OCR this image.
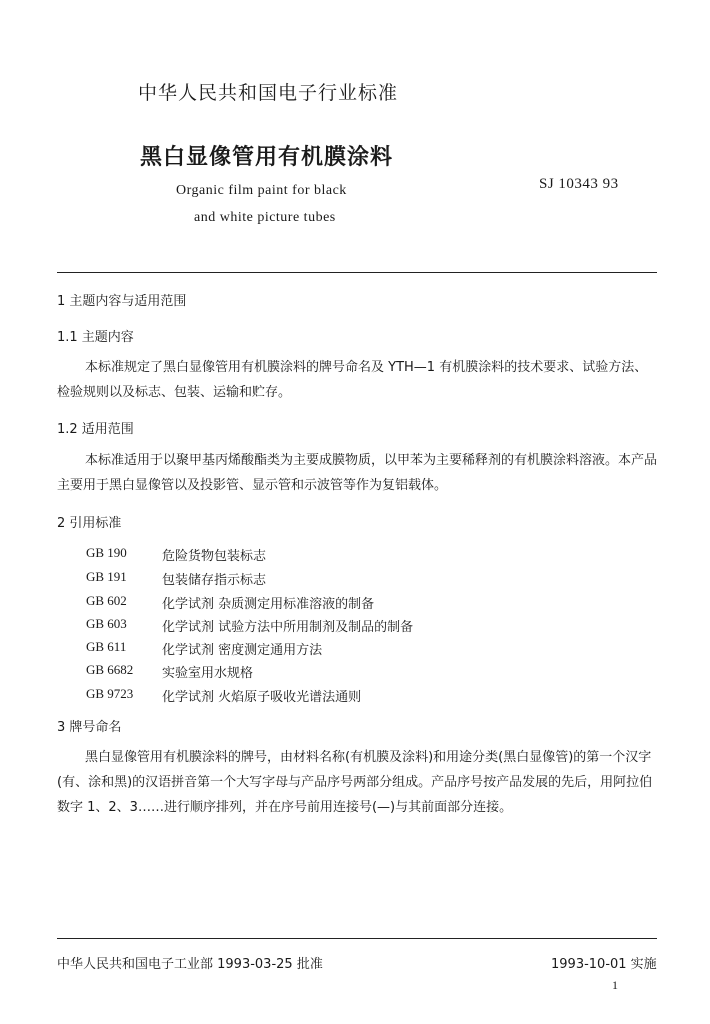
中华人民共和国电子行业标准
黑白显像管用有机膜涂料
Organic film paint for black
and white picture tubes
SJ 10343 93
1 主题内容与适用范围
1.1 主题内容
本标准规定了黑白显像管用有机膜涂料的牌号命名及 YTH—1 有机膜涂料的技术要求、试验方法、检验规则以及标志、包装、运输和贮存。
1.2 适用范围
本标准适用于以聚甲基丙烯酸酯类为主要成膜物质，以甲苯为主要稀释剂的有机膜涂料溶液。本产品主要用于黑白显像管以及投影管、显示管和示波管等作为复铝载体。
2 引用标准
GB 190	危险货物包装标志
GB 191	包装储存指示标志
GB 602	化学试剂 杂质测定用标准溶液的制备
GB 603	化学试剂 试验方法中所用制剂及制品的制备
GB 611	化学试剂 密度测定通用方法
GB 6682 实验室用水规格
GB 9723 化学试剂 火焰原子吸收光谱法通则
3 牌号命名
黑白显像管用有机膜涂料的牌号，由材料名称(有机膜及涂料)和用途分类(黑白显像管)的第一个汉字(有、涂和黑)的汉语拼音第一个大写字母与产品序号两部分组成。产品序号按产品发展的先后，用阿拉伯数字 1、2、3……进行顺序排列，并在序号前用连接号(—)与其前面部分连接。
中华人民共和国电子工业部 1993-03-25 批准	1993-10-01 实施
1
